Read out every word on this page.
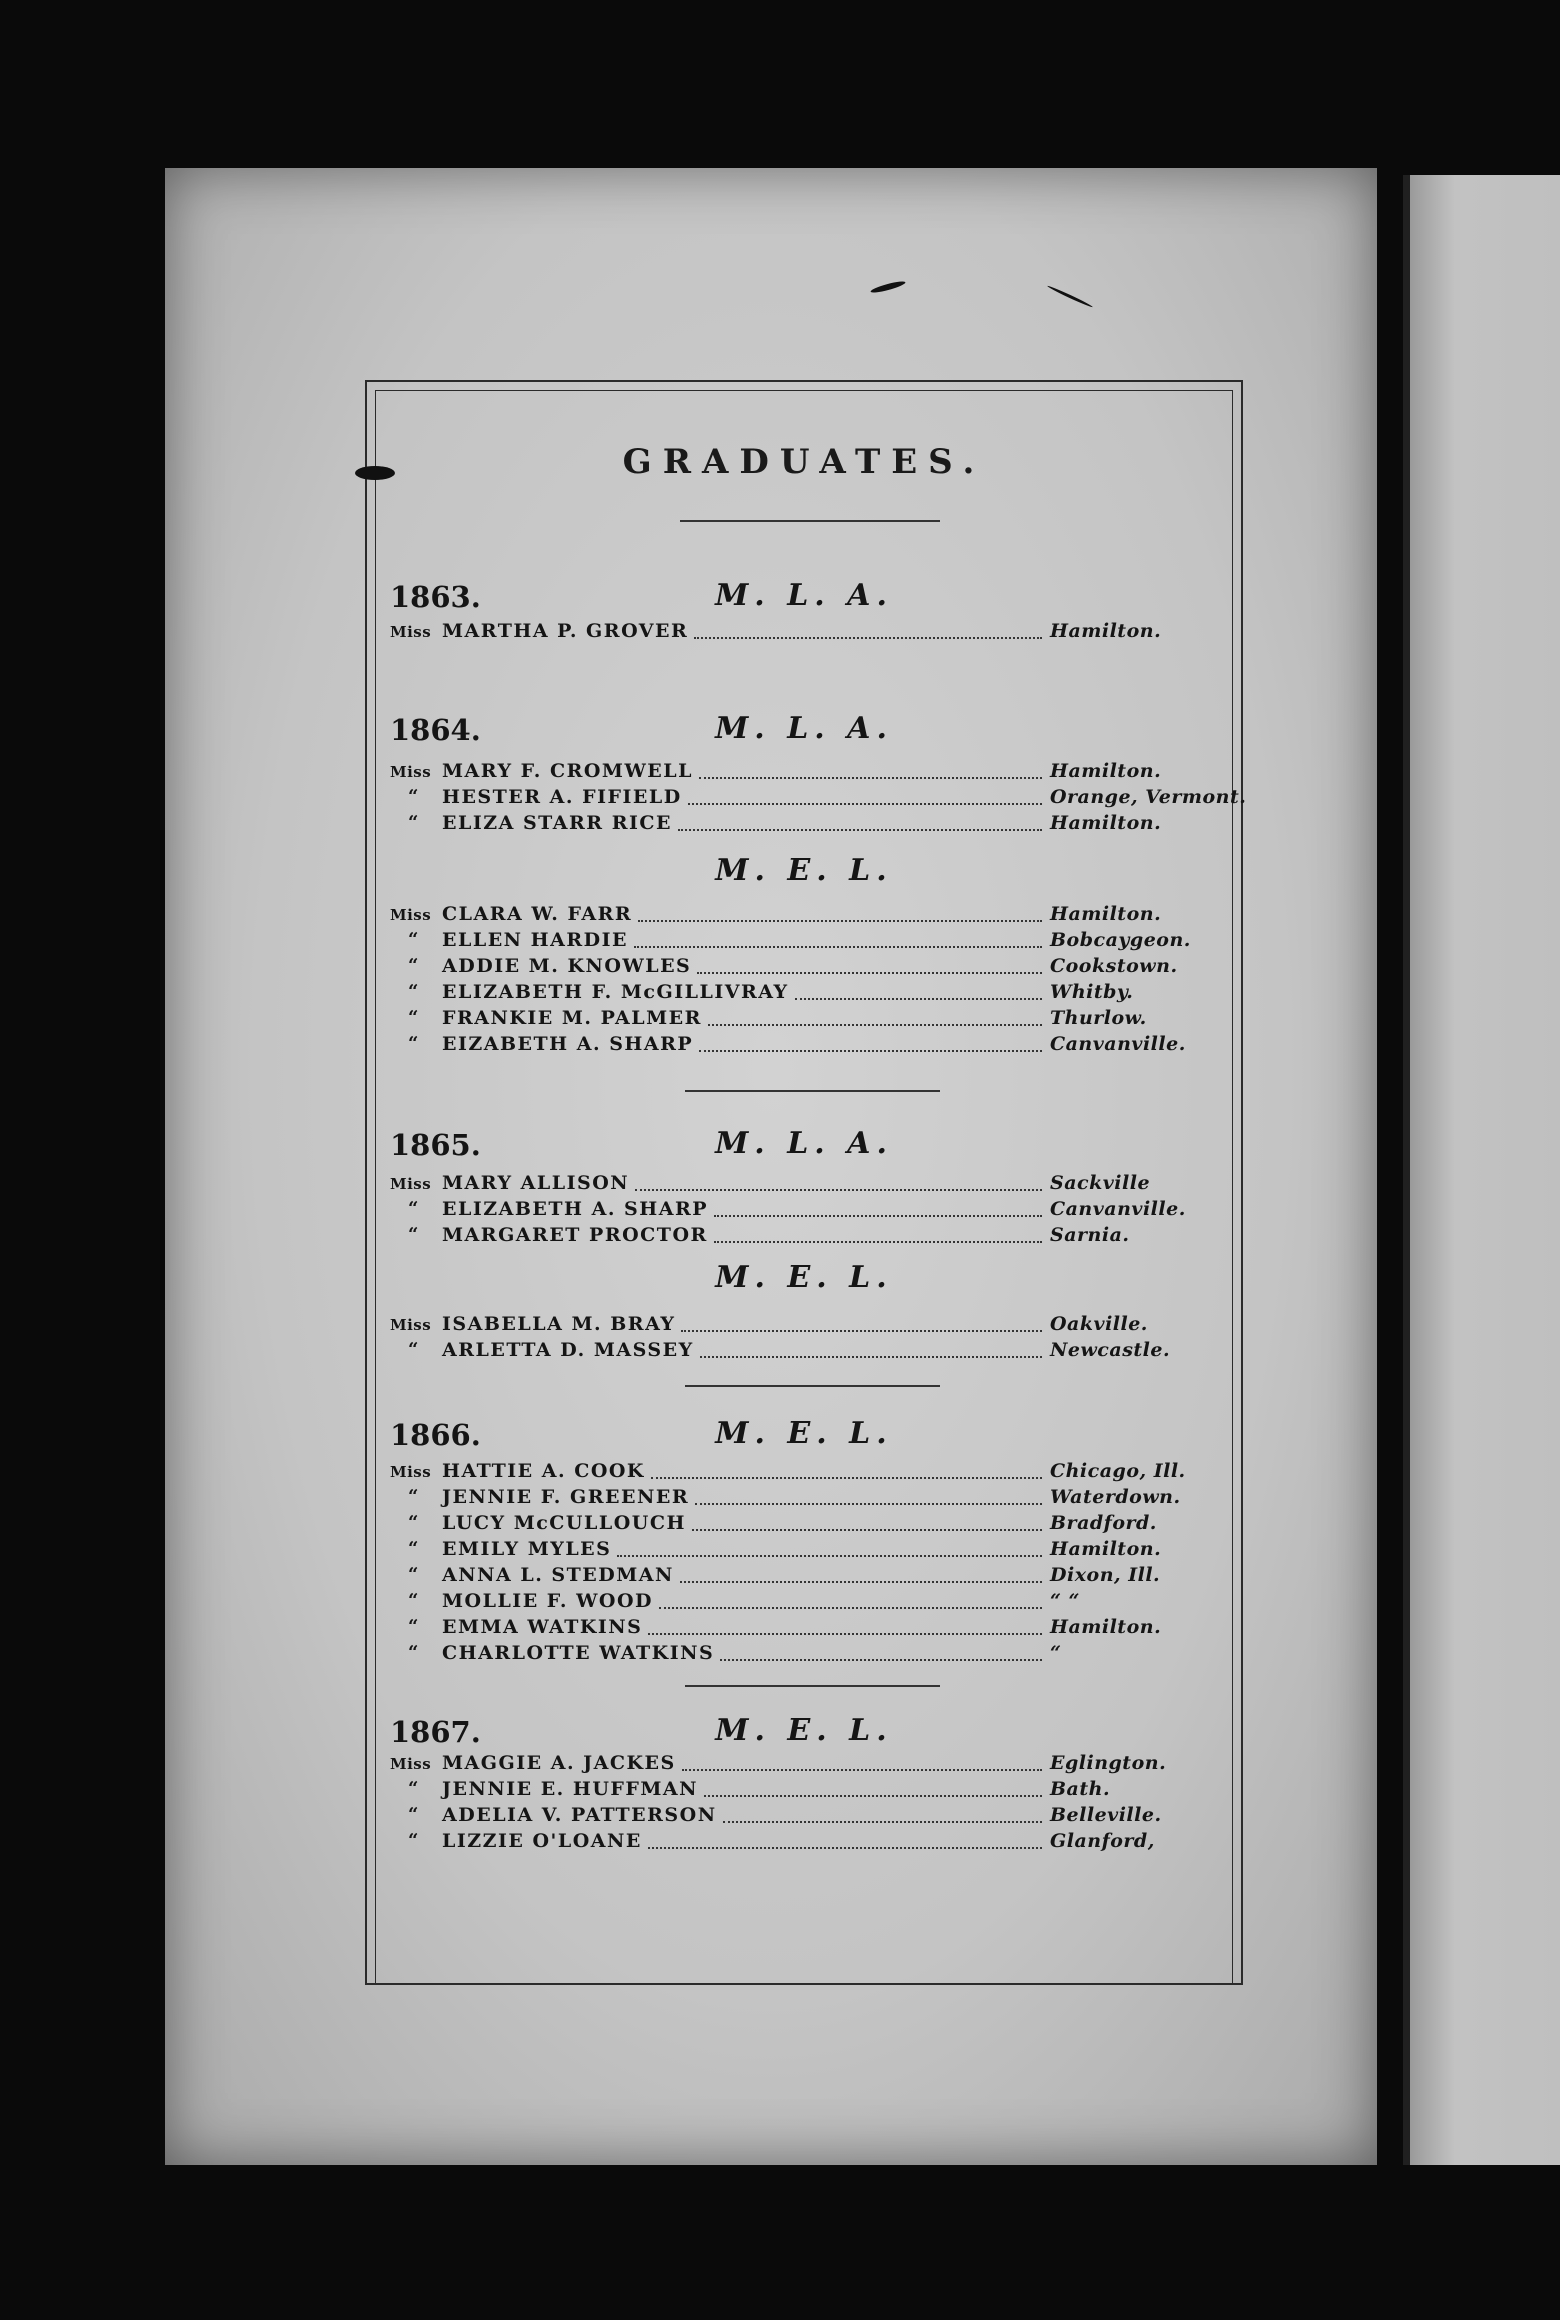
GRADUATES.
1863.	M. L. A.
Miss MARTHA P. GROVER	Hamilton.
1864.	M. L. A.
Miss MARY F. CROMWELL	Hamilton.
“	HESTER A. FIFIELD	Orange, Vermont.
“	ELIZA STARR RICE	Hamilton.
M. E. L.
Miss CLARA W. FARR	Hamilton.
“	ELLEN HARDIE	Bobcaygeon.
“	ADDIE M. KNOWLES	Cookstown.
“	ELIZABETH F. McGILLIVRAY	Whitby.
“	FRANKIE M. PALMER	Thurlow.
“	EIZABETH A. SHARP	Canvanville.
1865.	M. L. A.
Miss MARY ALLISON	Sackville
“	ELIZABETH A. SHARP	Canvanville.
“	MARGARET PROCTOR	Sarnia.
M. E. L.
Miss ISABELLA M. BRAY	Oakville.
“	ARLETTA D. MASSEY	Newcastle.
1866.	M. E. L.
Miss HATTIE A. COOK	Chicago, Ill.
“	JENNIE F. GREENER	Waterdown.
“	LUCY McCULLOUCH	Bradford.
“	EMILY MYLES	Hamilton.
“	ANNA L. STEDMAN	Dixon, Ill.
“	MOLLIE F. WOOD	“ “
“	EMMA WATKINS	Hamilton.
“	CHARLOTTE WATKINS	“
1867.	M. E. L.
Miss MAGGIE A. JACKES	Eglington.
“	JENNIE E. HUFFMAN	Bath.
“	ADELIA V. PATTERSON	Belleville.
“	LIZZIE O'LOANE	Glanford,
